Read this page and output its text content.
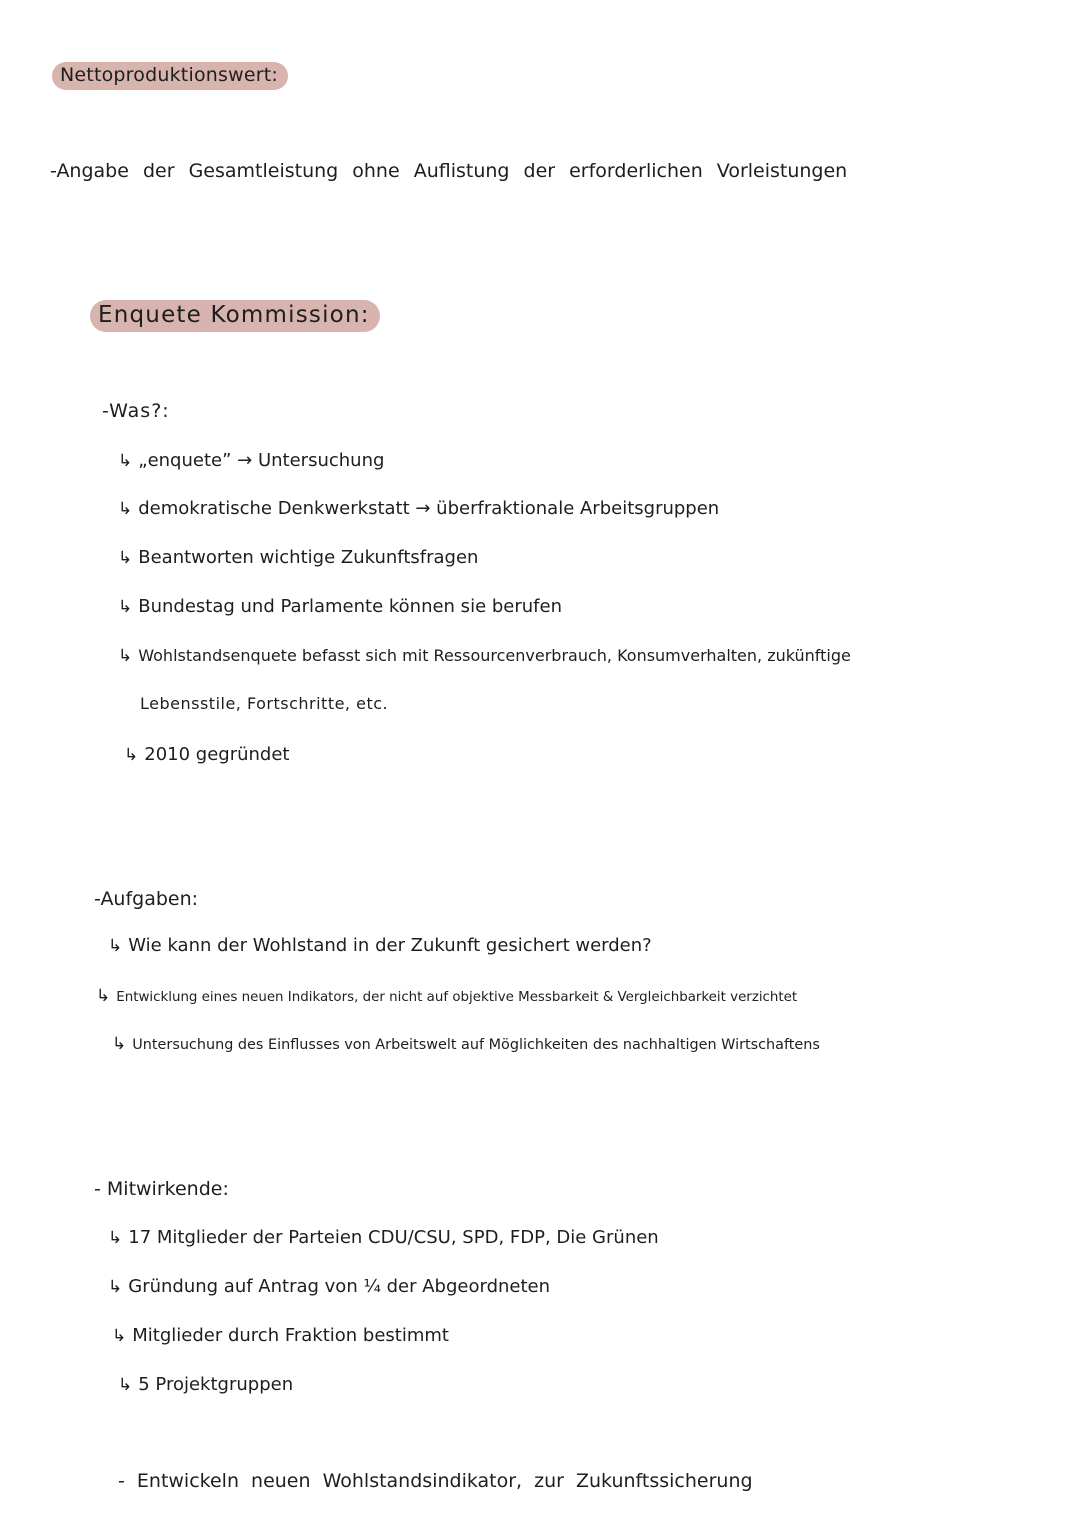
Nettoproduktionswert:
-Angabe der Gesamtleistung ohne Auflistung der erforderlichen Vorleistungen
Enquete Kommission:
-Was?:
↳ „enquete” → Untersuchung
↳ demokratische Denkwerkstatt → überfraktionale Arbeitsgruppen
↳ Beantworten wichtige Zukunftsfragen
↳ Bundestag und Parlamente können sie berufen
↳ Wohlstandsenquete befasst sich mit Ressourcenverbrauch, Konsumverhalten, zukünftige
Lebensstile, Fortschritte, etc.
↳ 2010 gegründet
-Aufgaben:
↳ Wie kann der Wohlstand in der Zukunft gesichert werden?
↳ Entwicklung eines neuen Indikators, der nicht auf objektive Messbarkeit & Vergleichbarkeit verzichtet
↳ Untersuchung des Einflusses von Arbeitswelt auf Möglichkeiten des nachhaltigen Wirtschaftens
- Mitwirkende:
↳ 17 Mitglieder der Parteien CDU/CSU, SPD, FDP, Die Grünen
↳ Gründung auf Antrag von ¼ der Abgeordneten
↳ Mitglieder durch Fraktion bestimmt
↳ 5 Projektgruppen
- Entwickeln neuen Wohlstandsindikator, zur Zukunftssicherung
